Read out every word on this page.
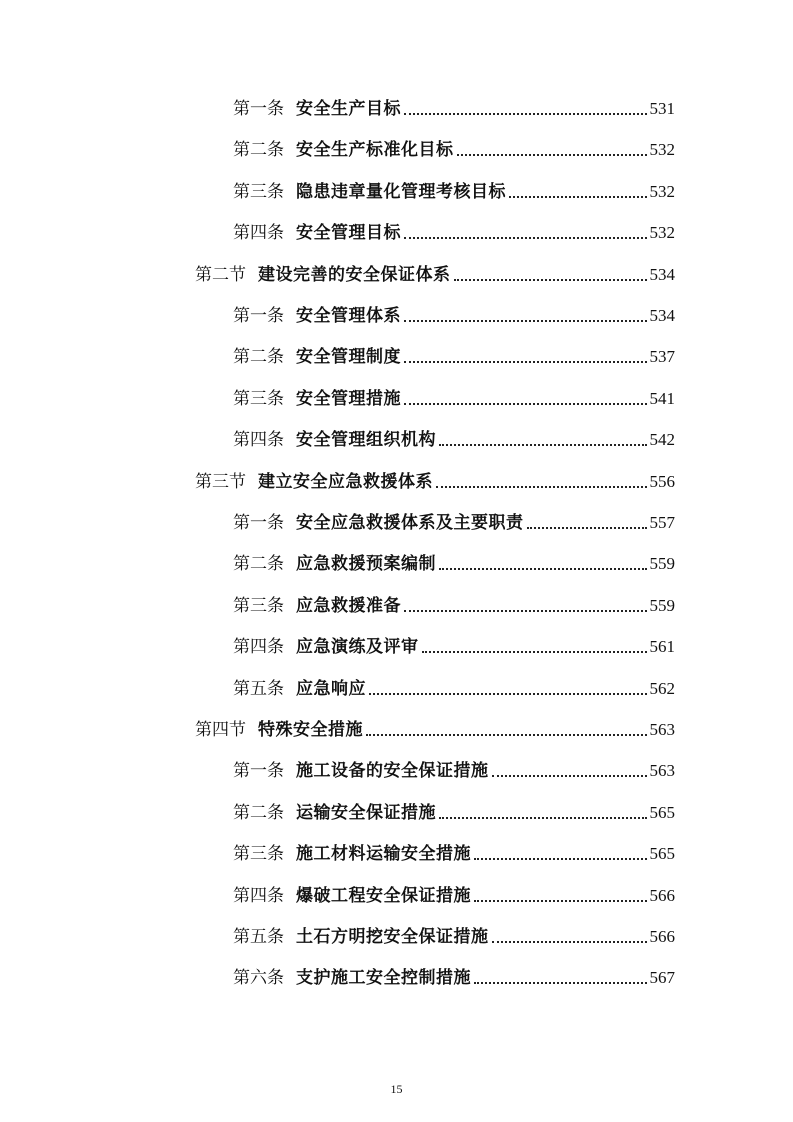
第一条 安全生产目标	531
第二条 安全生产标准化目标	532
第三条 隐患违章量化管理考核目标	532
第四条 安全管理目标	532
第二节 建设完善的安全保证体系	534
第一条 安全管理体系	534
第二条 安全管理制度	537
第三条 安全管理措施	541
第四条 安全管理组织机构	542
第三节 建立安全应急救援体系	556
第一条 安全应急救援体系及主要职责	557
第二条 应急救援预案编制	559
第三条 应急救援准备	559
第四条 应急演练及评审	561
第五条 应急响应	562
第四节 特殊安全措施	563
第一条 施工设备的安全保证措施	563
第二条 运输安全保证措施	565
第三条 施工材料运输安全措施	565
第四条 爆破工程安全保证措施	566
第五条 土石方明挖安全保证措施	566
第六条 支护施工安全控制措施	567
15
